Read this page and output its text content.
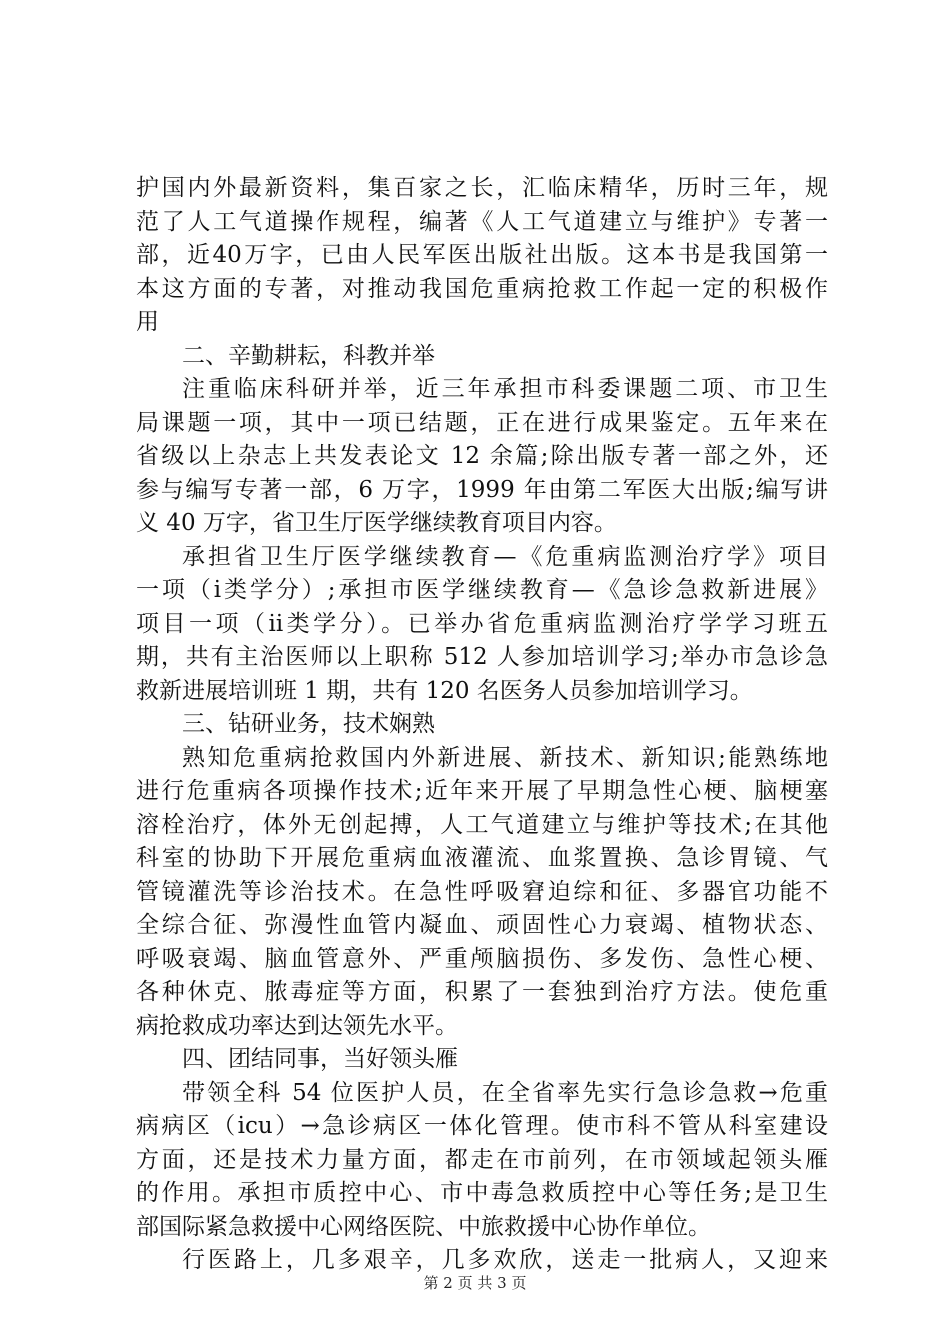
护国内外最新资料，集百家之长，汇临床精华，历时三年，规
范了人工气道操作规程，编著《人工气道建立与维护》专著一
部，近40万字，已由人民军医出版社出版。这本书是我国第一
本这方面的专著，对推动我国危重病抢救工作起一定的积极作
用
二、辛勤耕耘，科教并举
注重临床科研并举，近三年承担市科委课题二项、市卫生
局课题一项，其中一项已结题，正在进行成果鉴定。五年来在
省级以上杂志上共发表论文 12 余篇;除出版专著一部之外，还
参与编写专著一部，6 万字，1999 年由第二军医大出版;编写讲
义 40 万字，省卫生厅医学继续教育项目内容。
承担省卫生厅医学继续教育—《危重病监测治疗学》项目
一项（ⅰ类学分）;承担市医学继续教育—《急诊急救新进展》
项目一项（ⅱ类学分）。已举办省危重病监测治疗学学习班五
期，共有主治医师以上职称 512 人参加培训学习;举办市急诊急
救新进展培训班 1 期，共有 120 名医务人员参加培训学习。
三、钻研业务，技术娴熟
熟知危重病抢救国内外新进展、新技术、新知识;能熟练地
进行危重病各项操作技术;近年来开展了早期急性心梗、脑梗塞
溶栓治疗，体外无创起搏，人工气道建立与维护等技术;在其他
科室的协助下开展危重病血液灌流、血浆置换、急诊胃镜、气
管镜灌洗等诊治技术。在急性呼吸窘迫综和征、多器官功能不
全综合征、弥漫性血管内凝血、顽固性心力衰竭、植物状态、
呼吸衰竭、脑血管意外、严重颅脑损伤、多发伤、急性心梗、
各种休克、脓毒症等方面，积累了一套独到治疗方法。使危重
病抢救成功率达到达领先水平。
四、团结同事，当好领头雁
带领全科 54 位医护人员，在全省率先实行急诊急救→危重
病病区（icu）→急诊病区一体化管理。使市科不管从科室建设
方面，还是技术力量方面，都走在市前列，在市领域起领头雁
的作用。承担市质控中心、市中毒急救质控中心等任务;是卫生
部国际紧急救援中心网络医院、中旅救援中心协作单位。
行医路上，几多艰辛，几多欢欣，送走一批病人，又迎来
第 2 页 共 3 页
